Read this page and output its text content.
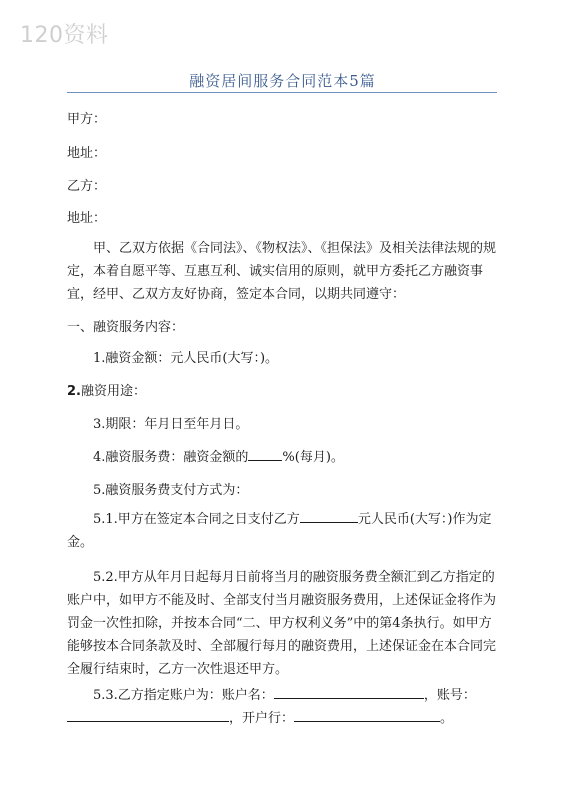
120资料
融资居间服务合同范本5篇
甲方：
地址：
乙方：
地址：
甲、乙双方依据《合同法》、《物权法》、《担保法》及相关法律法规的规定，本着自愿平等、互惠互利、诚实信用的原则，就甲方委托乙方融资事宜，经甲、乙双方友好协商，签定本合同，以期共同遵守：
一、融资服务内容：
1.融资金额：元人民币(大写：)。
2.融资用途：
3.期限：年月日至年月日。
4.融资服务费：融资金额的	%(每月)。
5.融资服务费支付方式为：
5.1.甲方在签定本合同之日支付乙方	元人民币(大写：)作为定金。
5.2.甲方从年月日起每月日前将当月的融资服务费全额汇到乙方指定的账户中，如甲方不能及时、全部支付当月融资服务费用，上述保证金将作为罚金一次性扣除，并按本合同“二、甲方权利义务”中的第4条执行。如甲方能够按本合同条款及时、全部履行每月的融资费用，上述保证金在本合同完全履行结束时，乙方一次性退还甲方。
5.3.乙方指定账户为：账户名：	，账号：
，开户行：	。
